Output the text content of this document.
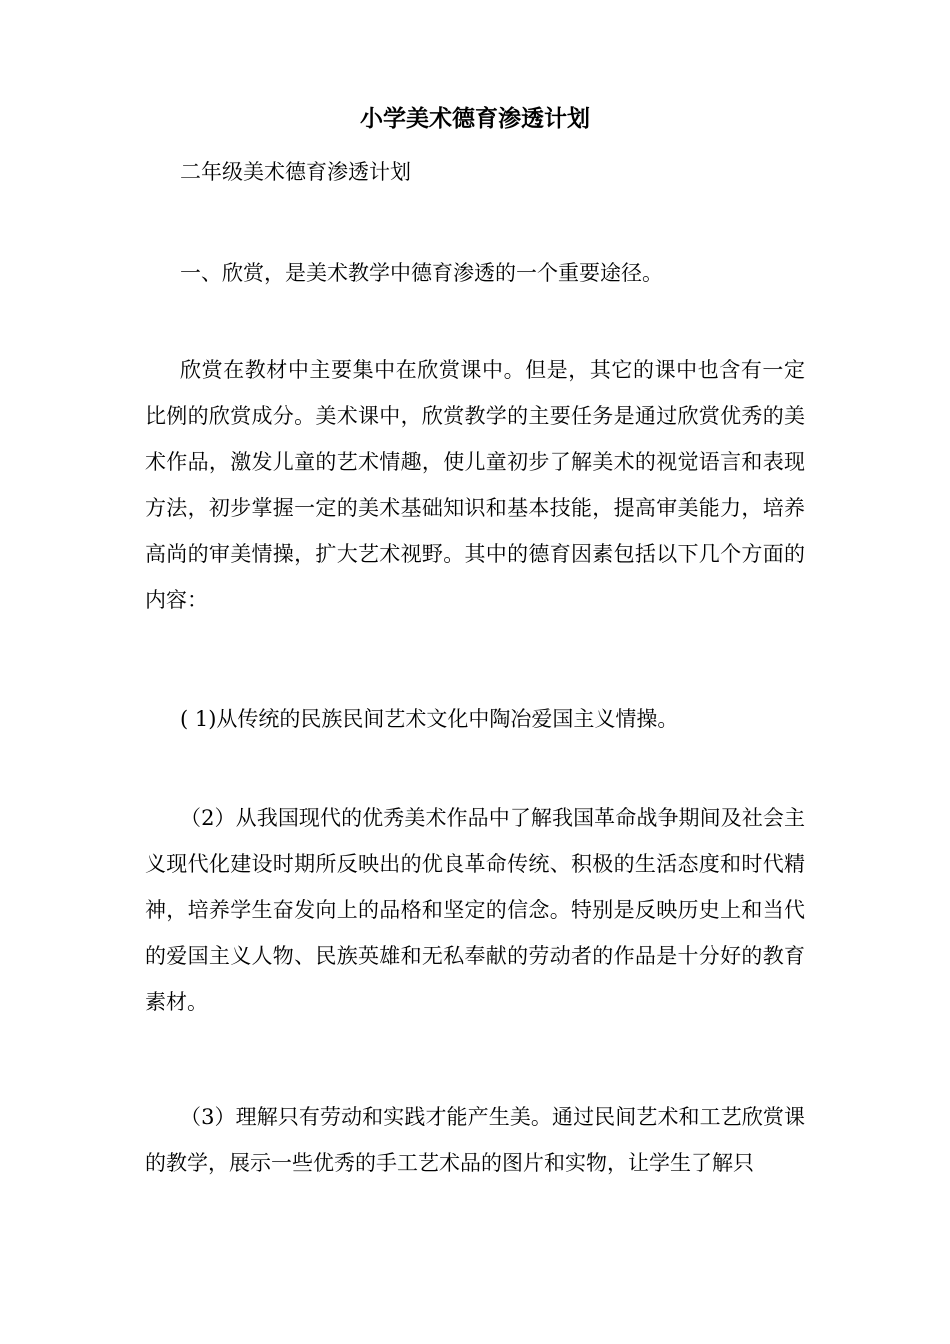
小学美术德育渗透计划

二年级美术德育渗透计划

一、欣赏，是美术教学中德育渗透的一个重要途径。

欣赏在教材中主要集中在欣赏课中。但是，其它的课中也含有一定比例的欣赏成分。美术课中，欣赏教学的主要任务是通过欣赏优秀的美术作品，激发儿童的艺术情趣，使儿童初步了解美术的视觉语言和表现方法，初步掌握一定的美术基础知识和基本技能，提高审美能力，培养高尚的审美情操，扩大艺术视野。其中的德育因素包括以下几个方面的内容：

( 1)从传统的民族民间艺术文化中陶冶爱国主义情操。

（2）从我国现代的优秀美术作品中了解我国革命战争期间及社会主义现代化建设时期所反映出的优良革命传统、积极的生活态度和时代精神，培养学生奋发向上的品格和坚定的信念。特别是反映历史上和当代的爱国主义人物、民族英雄和无私奉献的劳动者的作品是十分好的教育素材。

（3）理解只有劳动和实践才能产生美。通过民间艺术和工艺欣赏课的教学，展示一些优秀的手工艺术品的图片和实物，让学生了解只
